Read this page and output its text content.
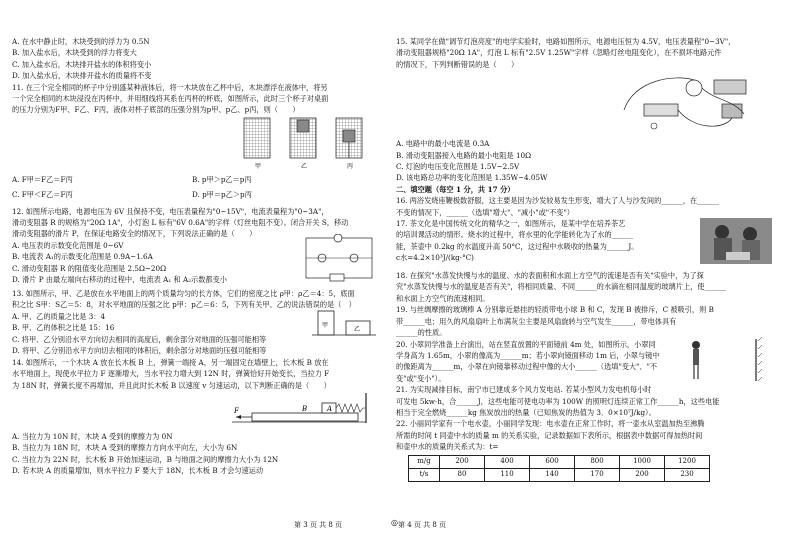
A. 在水中静止时，木块受到的浮力为 0.5N
B. 加入盐水后，木块受到的浮力将变大
C. 加入盐水后，木块排开盐水的体积将变小
D. 加入盐水后，木块排开盐水的质量将不变
11. 在三个完全相同的杯子中分别盛某种液体后，将一木块放在乙杯中后，木块漂浮在液体中，将另
一个完全相同的木块浸没在丙杯中，并用细线将其系在丙杯的杯底，如图所示，此时三个杯子对桌面
的压力分别为F甲、F乙、F丙，液体对杯子底部的压强分别为p甲、p乙、p丙，则（　　）
甲	乙	丙
A. F甲＝F乙＝F丙	B. p甲＞p乙＝p丙
C. F甲＜F乙＝F丙	D. p甲＝p乙＞p丙
12. 如图所示电路，电源电压为 6V 且保持不变，电压表量程为"0~15V"，电流表量程为"0~3A"，
滑动变阻器 R 的规格为"20Ω 1A"，小灯泡 L 标有"6V 0.6A"的字样（灯丝电阻不变）。闭合开关 S，移动
滑动变阻器的滑片 P，在保证电路安全的情况下，下列说法正确的是（　　）
A. 电压表的示数变化范围是 0~6V
B. 电流表 A₁的示数变化范围是 0.9A~1.6A
C. 滑动变阻器 R 的阻值变化范围是 2.5Ω~20Ω
D. 滑片 P 由最左端向右移动的过程中，电流表 A₁ 和 A₂示数都变小
13. 如图所示，甲、乙是放在水平地面上的两个质量均匀的长方体，它们的密度之比 ρ甲：ρ乙＝4：5，底面
积之比 S甲：S乙＝5：8，对水平地面的压强之比 p甲：p乙＝6：5，下列有关甲、乙的说法错误的是（　）
A. 甲、乙的质量之比是 3：4
B. 甲、乙的体积之比是 15：16
C. 将甲、乙分别沿水平方向切去相同的高度后，剩余部分对地面的压强可能相等
D. 将甲、乙分别沿水平方向切去相同的体积后，剩余部分对地面的压强可能相等
甲
乙
14. 如图所示，一个木块 A 放在长木板 B 上，弹簧一端接 A，另一端固定在墙壁上，长木板 B 放在
水平地面上，现使水平拉力 F 逐渐增大，当水平拉力增大到 12N 时，弹簧恰好开始变长，当拉力 F
为 18N 时，弹簧长度不再增加，并且此时长木板 B 以速度 v 匀速运动，以下判断正确的是（　　）
A
B
F
A. 当拉力为 10N 时，木块 A 受到的摩擦力为 0N
B. 当拉力为 18N 时，木块 A 受到的摩擦力方向水平向左，大小为 6N
C. 当拉力为 22N 时，长木板 B 开始加速运动，B 与地面之间的摩擦力大小为 12N
D. 若木块 A 的质量增加，则水平拉力 F 要大于 18N，长木板 B 才会匀速运动
15. 某同学在做"调节灯泡亮度"的电学实验时，电路如图所示，电源电压恒为 4.5V，电压表量程"0~3V"，
滑动变阻器规格"20Ω 1A"，灯泡 L 标有"2.5V 1.25W"字样（忽略灯丝电阻变化），在不损坏电路元件
的情况下，下列判断错误的是（　　）
A. 电路中的最小电流是 0.3A
B. 滑动变阻器接入电路的最小电阻是 10Ω
C. 灯泡的电压变化范围是 1.5V~2.5V
D. 该电路总功率的变化范围是 1.35W~4.05W
二、填空题（每空 1 分，共 17 分）
16. 两浴发烧座鞭极数舒服，这主要是因为沙发较易发生形变，增大了人与沙发间的______，在______
不变的情况下，______（选填"增大"、"减小"或"不变"）
17. 茶文化是中国传统文化的精华之一，如图所示，是某中学在培养茶艺
的培训课活动的情形。烧水的过程中，将水里的化学能转化为了水的______
能，茶壶中 0.2kg 的水温度升高 50°C，这过程中水吸收的热量为______J。
c水=4.2×10³J/(kg·°C)
18. 在探究"水蒸发快慢与水的温度、水的表面积和水面上方空气的流速是否有关"实验中，为了探
究"水蒸发快慢与水的温度是否有关"，将相同质量、不同______的水滴在相同温度的玻璃片上，使______
和水面上方空气的流速相同。
19. 与丝绸摩擦的玻璃棒 A 分别靠近悬挂的轻质带电小球 B 和 C，发现 B 被排斥，C 被吸引，则 B
带______电；用久的风扇扇叶上布满灰尘主要是风扇旋转与空气发生______，带电体具有
______的性质。
20. 小翠同学准备上台演出，站在竖直放置的平面镜前 4m 处，如图所示，小翠同
学身高为 1.65m，小翠的像高为______m；若小翠向镜面移动 1m 后，小翠与镜中
的像距离为______m，小翠在向镜靠移动过程中像的大小______（选填"变大"、"不
变"或"变小"）。
21. 为实现减排目标，南宁市已建成多个风力发电站. 若某小型风力发电机每小时
可发电 5kw·h，合______J，这些电能可使电功率为 100W 的照明灯连续正常工作______h，这些电能
相当于完全燃烧______kg 焦炭放出的热量（已知焦炭的热值为 3．0×10⁷J/kg）。
22. 小丽同学家有一个电水壶，小丽同学发现：电水壶在正常工作时，将一壶水从室温加热至沸腾
所需的时间 t 同壶中水的质量 m 的关系实验，记录数据如下表所示，根据表中数据可得加热时间
和壶中水的质量的关系式为：t=
m/g	200	400	600	800	1000	1200
t/s	80	110	140	170	200	230
第 3 页 共 8 页	◎ 第 4 页 共 8 页
